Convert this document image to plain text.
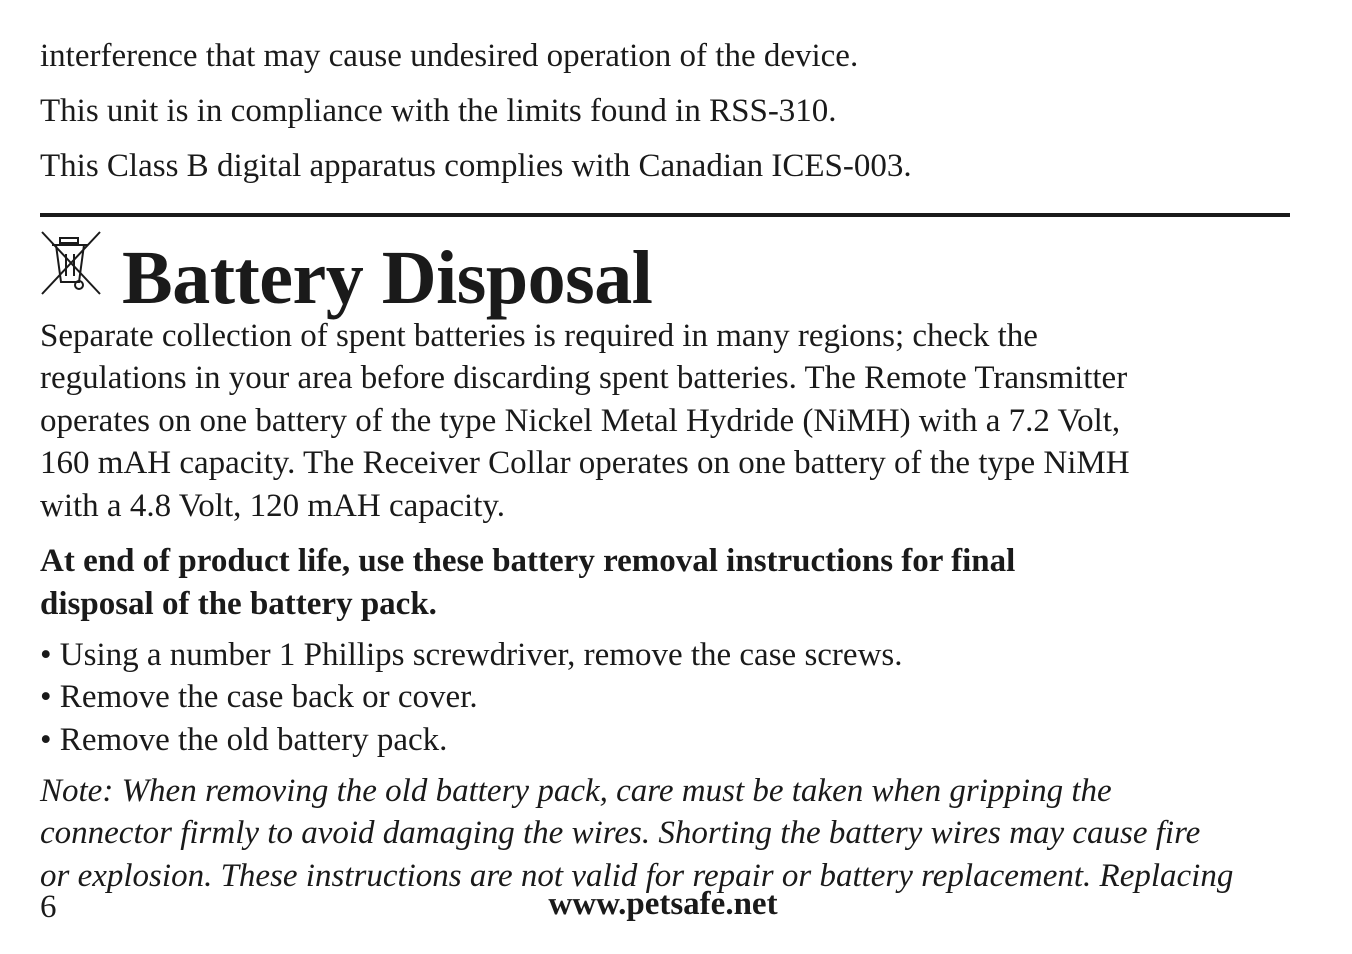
interference that may cause undesired operation of the device.
This unit is in compliance with the limits found in RSS-310.
This Class B digital apparatus complies with Canadian ICES-003.
Battery Disposal
Separate collection of spent batteries is required in many regions; check the
regulations in your area before discarding spent batteries. The Remote Transmitter
operates on one battery of the type Nickel Metal Hydride (NiMH) with a 7.2 Volt,
160 mAH capacity. The Receiver Collar operates on one battery of the type NiMH
with a 4.8 Volt, 120 mAH capacity.
At end of product life, use these battery removal instructions for final
disposal of the battery pack.
• Using a number 1 Phillips screwdriver, remove the case screws.
• Remove the case back or cover.
• Remove the old battery pack.
Note: When removing the old battery pack, care must be taken when gripping the
connector firmly to avoid damaging the wires. Shorting the battery wires may cause fire
or explosion. These instructions are not valid for repair or battery replacement. Replacing
6	www.petsafe.net
